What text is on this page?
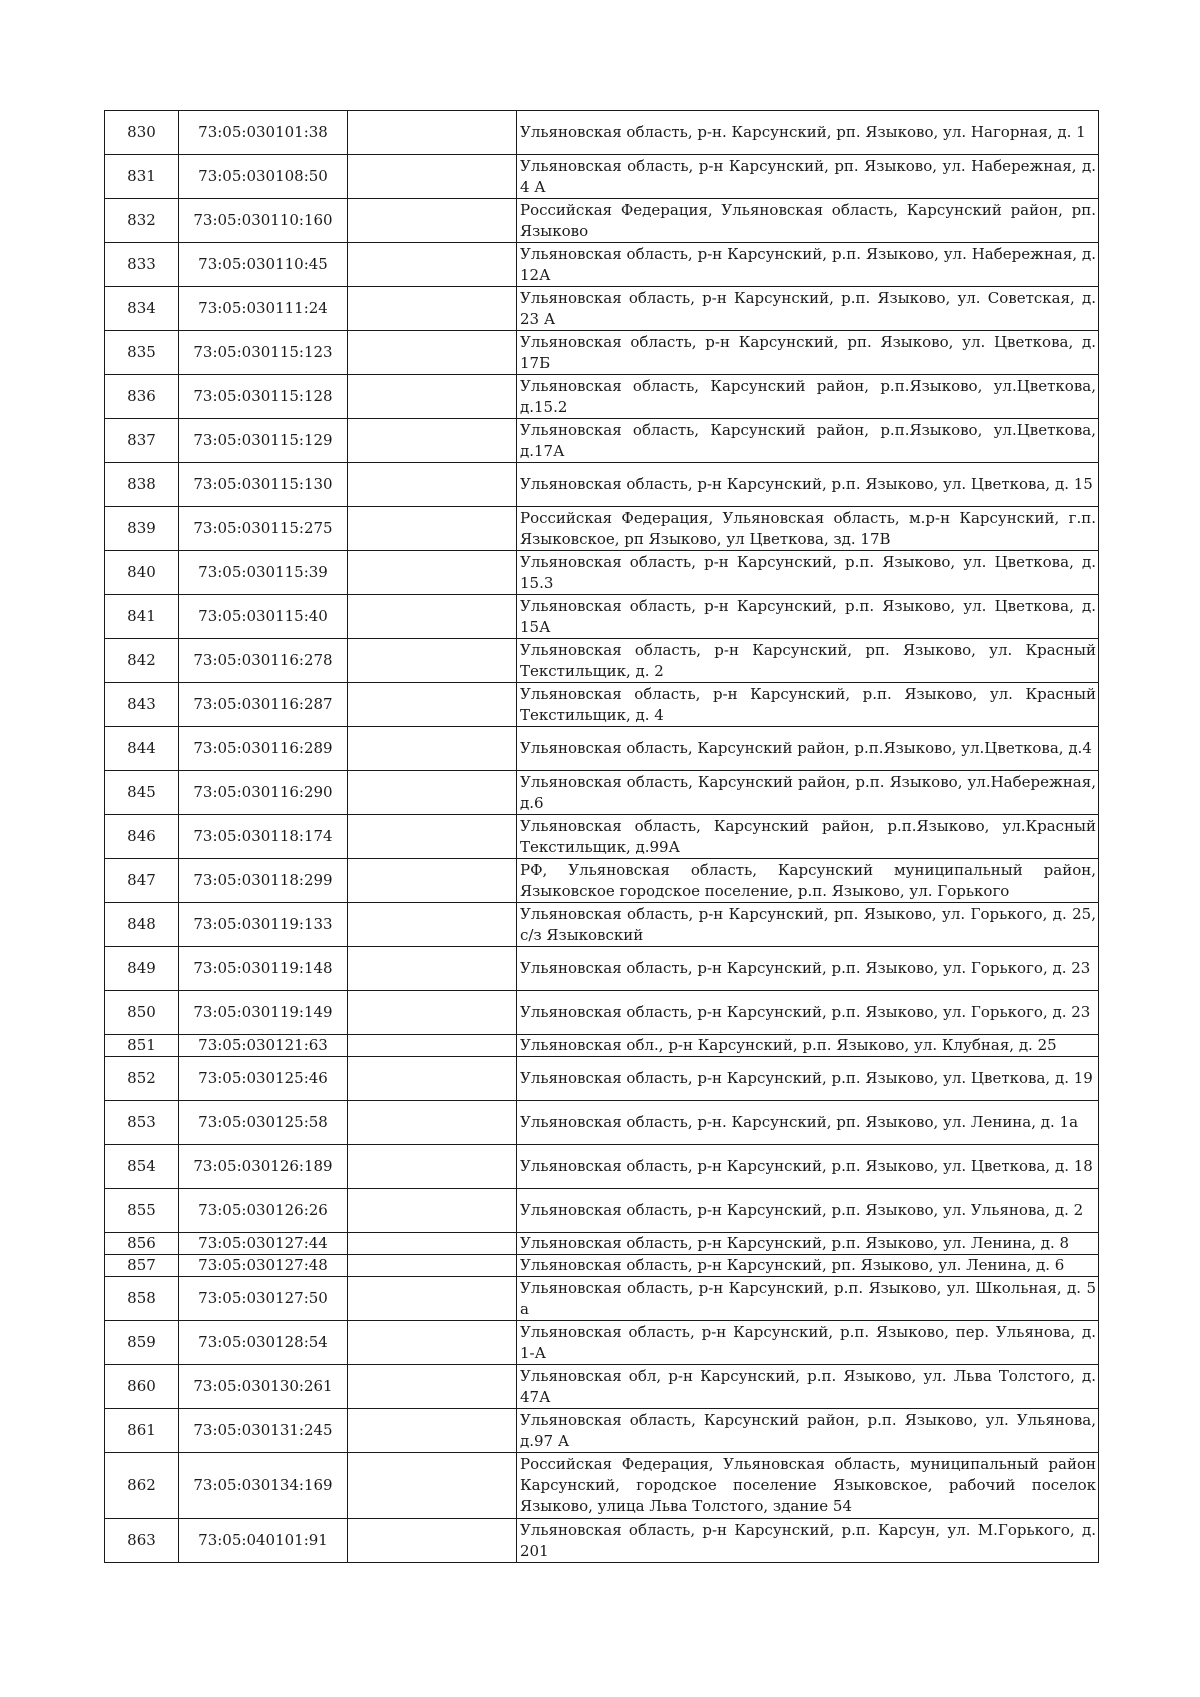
830	73:05:030101:38		Ульяновская область, р-н. Карсунский, рп. Языково, ул. Нагорная, д. 1
831	73:05:030108:50		Ульяновская область, р-н Карсунский, рп. Языково, ул. Набережная, д. 4 А
832	73:05:030110:160		Российская Федерация, Ульяновская область, Карсунский район, рп. Языково
833	73:05:030110:45		Ульяновская область, р-н Карсунский, р.п. Языково, ул. Набережная, д. 12А
834	73:05:030111:24		Ульяновская область, р-н Карсунский, р.п. Языково, ул. Советская, д. 23 А
835	73:05:030115:123		Ульяновская область, р-н Карсунский, рп. Языково, ул. Цветкова, д. 17Б
836	73:05:030115:128		Ульяновская область, Карсунский район, р.п.Языково, ул.Цветкова, д.15.2
837	73:05:030115:129		Ульяновская область, Карсунский район, р.п.Языково, ул.Цветкова, д.17А
838	73:05:030115:130		Ульяновская область, р-н Карсунский, р.п. Языково, ул. Цветкова, д. 15
839	73:05:030115:275		Российская Федерация, Ульяновская область, м.р-н Карсунский, г.п. Языковское, рп Языково, ул Цветкова, зд. 17В
840	73:05:030115:39		Ульяновская область, р-н Карсунский, р.п. Языково, ул. Цветкова, д. 15.3
841	73:05:030115:40		Ульяновская область, р-н Карсунский, р.п. Языково, ул. Цветкова, д. 15А
842	73:05:030116:278		Ульяновская область, р-н Карсунский, рп. Языково, ул. Красный Текстильщик, д. 2
843	73:05:030116:287		Ульяновская область, р-н Карсунский, р.п. Языково, ул. Красный Текстильщик, д. 4
844	73:05:030116:289		Ульяновская область, Карсунский район, р.п.Языково, ул.Цветкова, д.4
845	73:05:030116:290		Ульяновская область, Карсунский район, р.п. Языково, ул.Набережная, д.6
846	73:05:030118:174		Ульяновская область, Карсунский район, р.п.Языково, ул.Красный Текстильщик, д.99А
847	73:05:030118:299		РФ, Ульяновская область, Карсунский муниципальный район, Языковское городское поселение, р.п. Языково, ул. Горького
848	73:05:030119:133		Ульяновская область, р-н Карсунский, рп. Языково, ул. Горького, д. 25, с/з Языковский
849	73:05:030119:148		Ульяновская область, р-н Карсунский, р.п. Языково, ул. Горького, д. 23
850	73:05:030119:149		Ульяновская область, р-н Карсунский, р.п. Языково, ул. Горького, д. 23
851	73:05:030121:63		Ульяновская обл., р-н Карсунский, р.п. Языково, ул. Клубная, д. 25
852	73:05:030125:46		Ульяновская область, р-н Карсунский, р.п. Языково, ул. Цветкова, д. 19
853	73:05:030125:58		Ульяновская область, р-н. Карсунский, рп. Языково, ул. Ленина, д. 1а
854	73:05:030126:189		Ульяновская область, р-н Карсунский, р.п. Языково, ул. Цветкова, д. 18
855	73:05:030126:26		Ульяновская область, р-н Карсунский, р.п. Языково, ул. Ульянова, д. 2
856	73:05:030127:44		Ульяновская область, р-н Карсунский, р.п. Языково, ул. Ленина, д. 8
857	73:05:030127:48		Ульяновская область, р-н Карсунский, рп. Языково, ул. Ленина, д. 6
858	73:05:030127:50		Ульяновская область, р-н Карсунский, р.п. Языково, ул. Школьная, д. 5 а
859	73:05:030128:54		Ульяновская область, р-н Карсунский, р.п. Языково, пер. Ульянова, д. 1-А
860	73:05:030130:261		Ульяновская обл, р-н Карсунский, р.п. Языково, ул. Льва Толстого, д. 47А
861	73:05:030131:245		Ульяновская область, Карсунский район, р.п. Языково, ул. Ульянова, д.97 А
862	73:05:030134:169		Российская Федерация, Ульяновская область, муниципальный район Карсунский, городское поселение Языковское, рабочий поселок Языково, улица Льва Толстого, здание 54
863	73:05:040101:91		Ульяновская область, р-н Карсунский, р.п. Карсун, ул. М.Горького, д. 201
